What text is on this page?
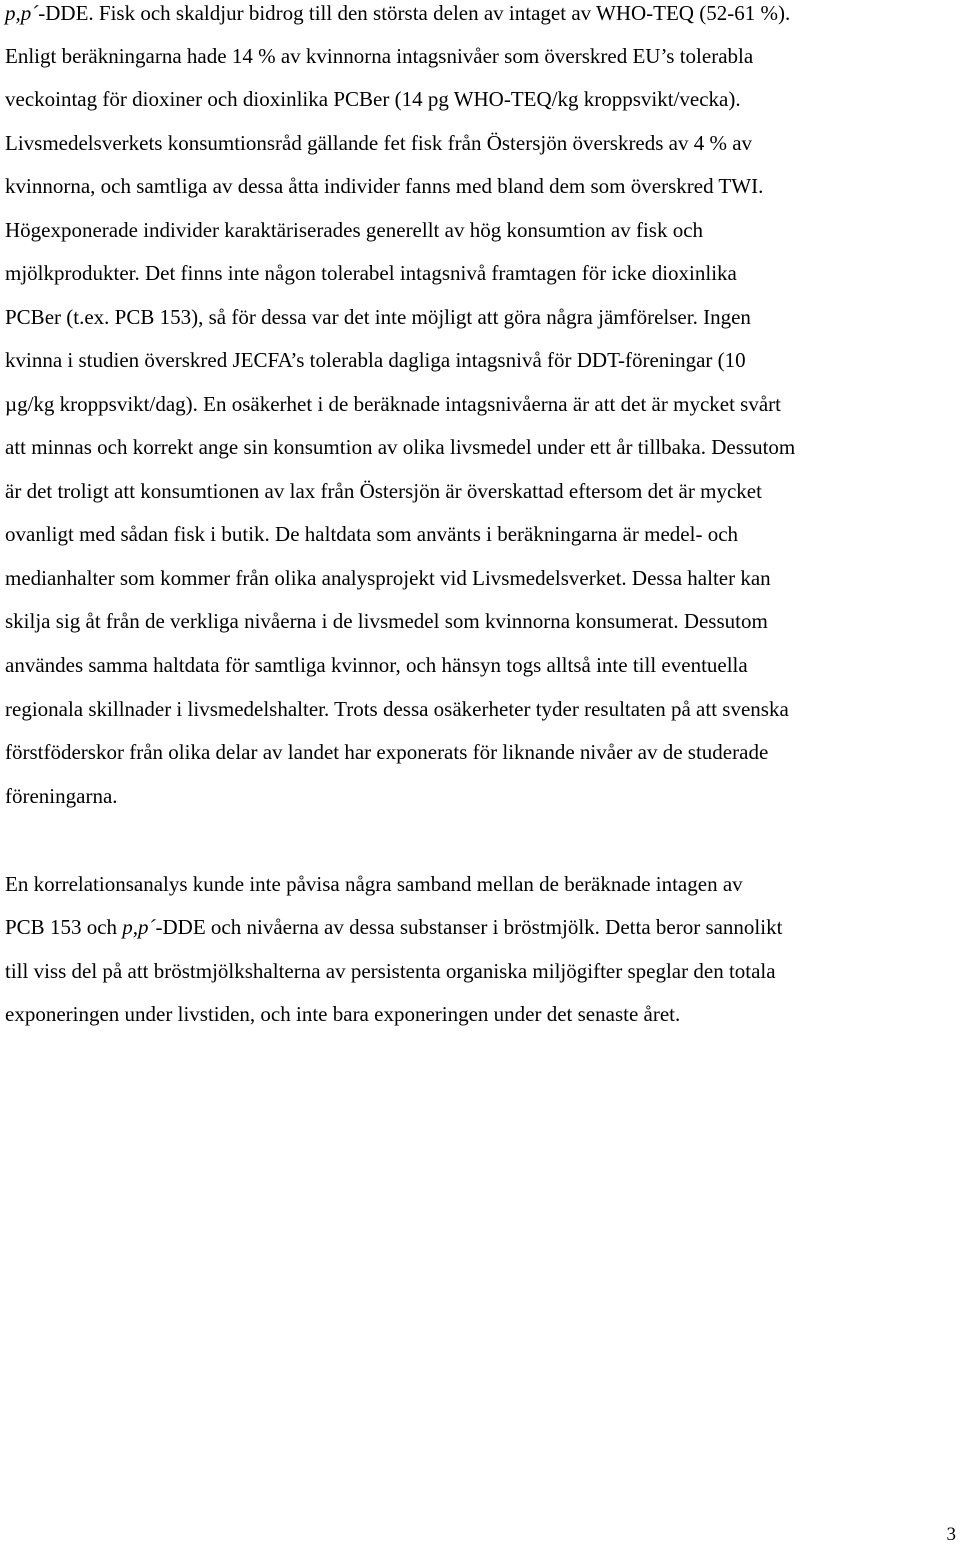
p,p´-DDE. Fisk och skaldjur bidrog till den största delen av intaget av WHO-TEQ (52-61 %).
Enligt beräkningarna hade 14 % av kvinnorna intagsnivåer som överskred EU’s tolerabla
veckointag för dioxiner och dioxinlika PCBer (14 pg WHO-TEQ/kg kroppsvikt/vecka).
Livsmedelsverkets konsumtionsråd gällande fet fisk från Östersjön överskreds av 4 % av
kvinnorna, och samtliga av dessa åtta individer fanns med bland dem som överskred TWI.
Högexponerade individer karaktäriserades generellt av hög konsumtion av fisk och
mjölkprodukter. Det finns inte någon tolerabel intagsnivå framtagen för icke dioxinlika
PCBer (t.ex. PCB 153), så för dessa var det inte möjligt att göra några jämförelser. Ingen
kvinna i studien överskred JECFA’s tolerabla dagliga intagsnivå för DDT-föreningar (10
µg/kg kroppsvikt/dag). En osäkerhet i de beräknade intagsnivåerna är att det är mycket svårt
att minnas och korrekt ange sin konsumtion av olika livsmedel under ett år tillbaka. Dessutom
är det troligt att konsumtionen av lax från Östersjön är överskattad eftersom det är mycket
ovanligt med sådan fisk i butik. De haltdata som använts i beräkningarna är medel- och
medianhalter som kommer från olika analysprojekt vid Livsmedelsverket. Dessa halter kan
skilja sig åt från de verkliga nivåerna i de livsmedel som kvinnorna konsumerat. Dessutom
användes samma haltdata för samtliga kvinnor, och hänsyn togs alltså inte till eventuella
regionala skillnader i livsmedelshalter. Trots dessa osäkerheter tyder resultaten på att svenska
förstföderskor från olika delar av landet har exponerats för liknande nivåer av de studerade
föreningarna.
En korrelationsanalys kunde inte påvisa några samband mellan de beräknade intagen av
PCB 153 och p,p´-DDE och nivåerna av dessa substanser i bröstmjölk. Detta beror sannolikt
till viss del på att bröstmjölkshalterna av persistenta organiska miljögifter speglar den totala
exponeringen under livstiden, och inte bara exponeringen under det senaste året.
3
